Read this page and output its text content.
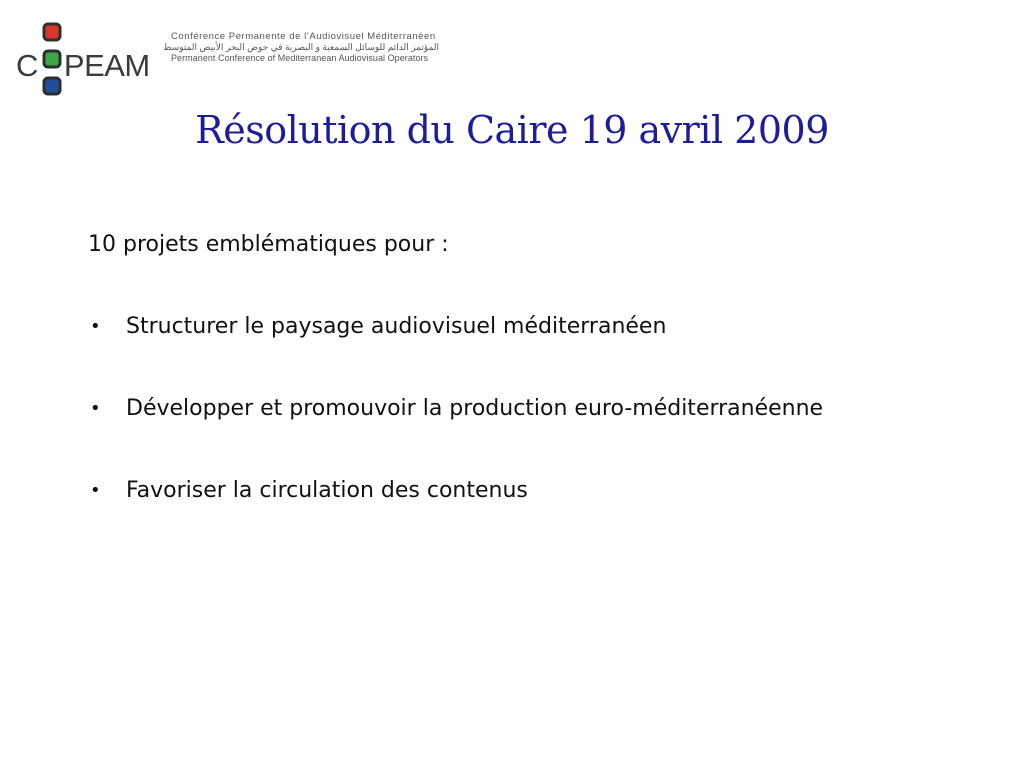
C PEAM
Conférence Permanente de l’Audiovisuel Méditerranéen
المؤتمر الدائم للوسائل السمعية و البصرية في حوض البحر الأبيض المتوسط
Permanent Conference of Mediterranean Audiovisual Operators
Résolution du Caire 19 avril 2009

10 projets emblématiques pour :

• Structurer le paysage audiovisuel méditerranéen
• Développer et promouvoir la production euro-méditerranéenne
• Favoriser la circulation des contenus
